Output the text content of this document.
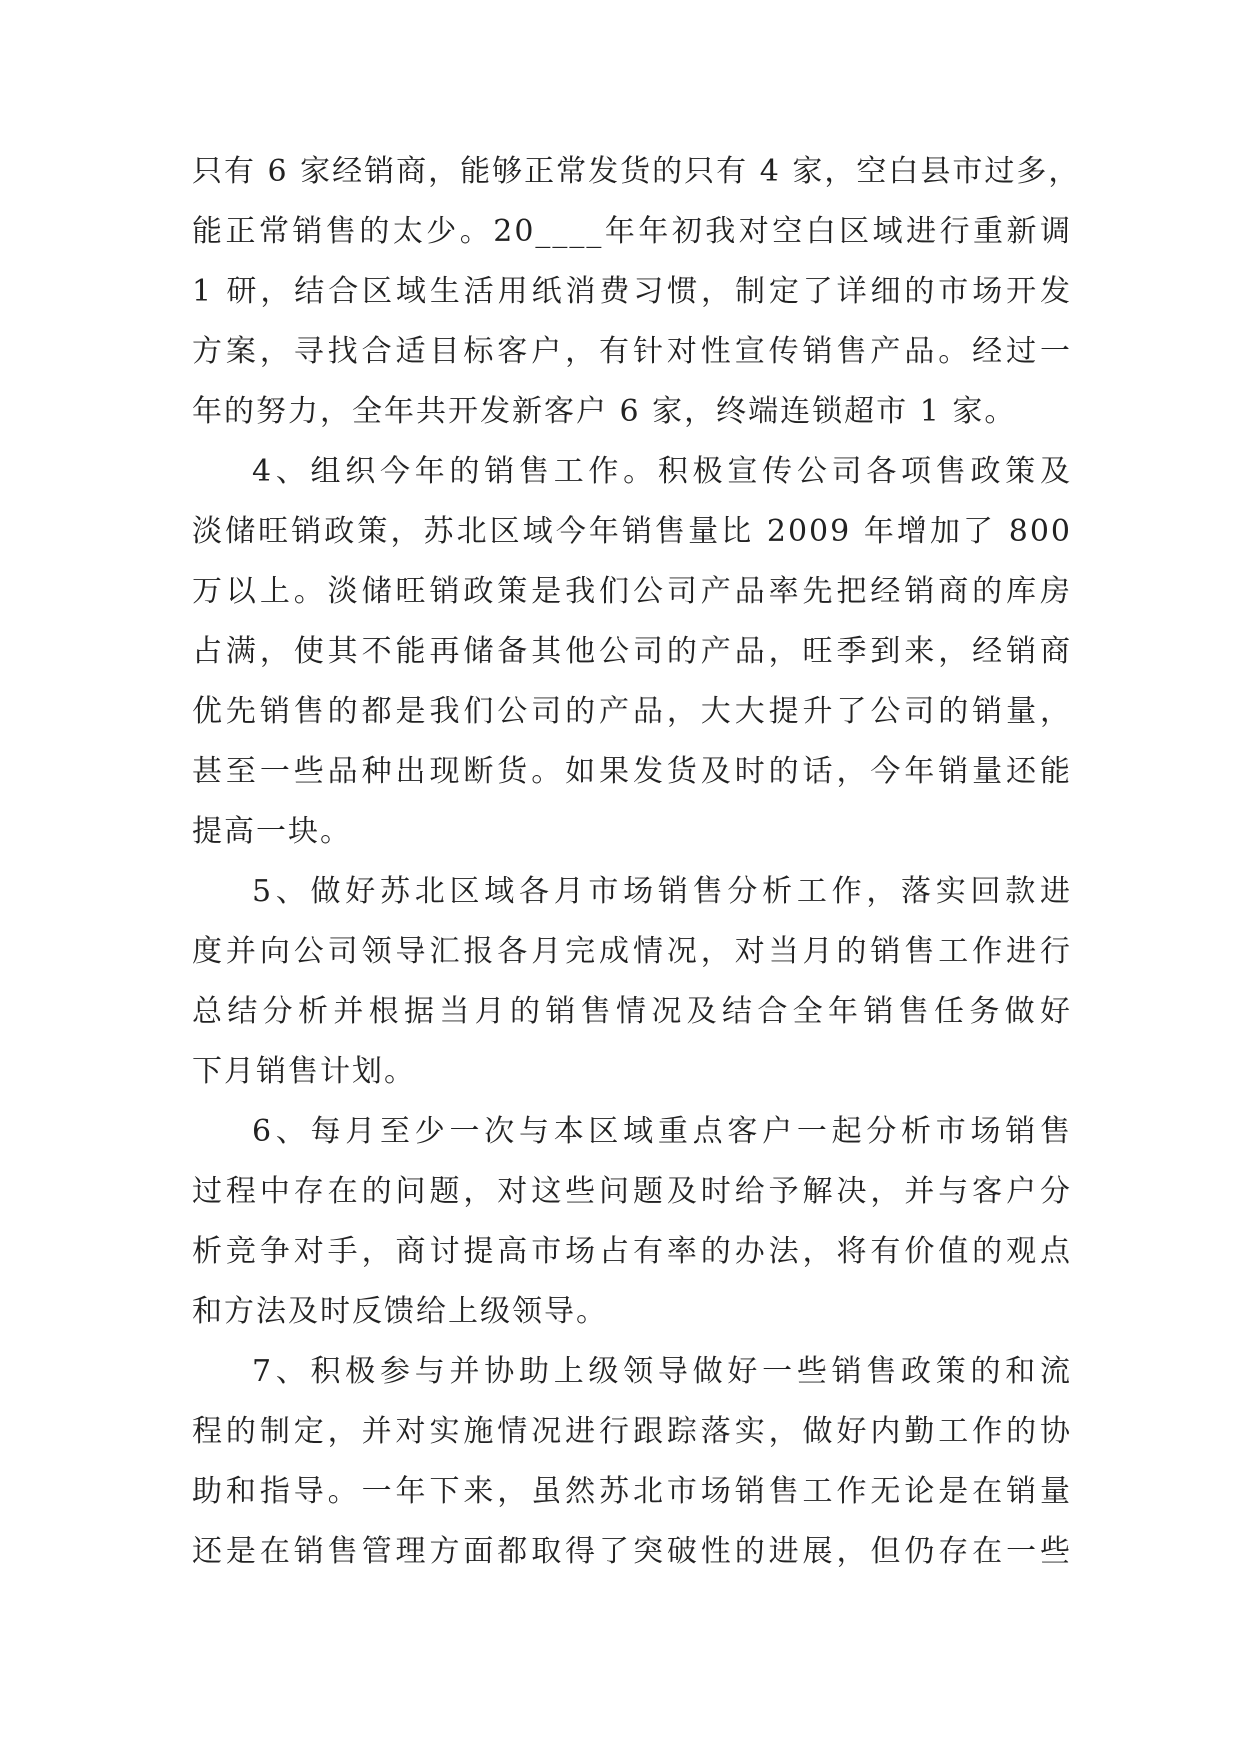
只有 6 家经销商，能够正常发货的只有 4 家，空白县市过多，
能正常销售的太少。20____年年初我对空白区域进行重新调
1 研，结合区域生活用纸消费习惯，制定了详细的市场开发
方案，寻找合适目标客户，有针对性宣传销售产品。经过一
年的努力，全年共开发新客户 6 家，终端连锁超市 1 家。
4、组织今年的销售工作。积极宣传公司各项售政策及
淡储旺销政策，苏北区域今年销售量比 2009 年增加了 800
万以上。淡储旺销政策是我们公司产品率先把经销商的库房
占满，使其不能再储备其他公司的产品，旺季到来，经销商
优先销售的都是我们公司的产品，大大提升了公司的销量，
甚至一些品种出现断货。如果发货及时的话，今年销量还能
提高一块。
5、做好苏北区域各月市场销售分析工作，落实回款进
度并向公司领导汇报各月完成情况，对当月的销售工作进行
总结分析并根据当月的销售情况及结合全年销售任务做好
下月销售计划。
6、每月至少一次与本区域重点客户一起分析市场销售
过程中存在的问题，对这些问题及时给予解决，并与客户分
析竞争对手，商讨提高市场占有率的办法，将有价值的观点
和方法及时反馈给上级领导。
7、积极参与并协助上级领导做好一些销售政策的和流
程的制定，并对实施情况进行跟踪落实，做好内勤工作的协
助和指导。一年下来，虽然苏北市场销售工作无论是在销量
还是在销售管理方面都取得了突破性的进展，但仍存在一些
